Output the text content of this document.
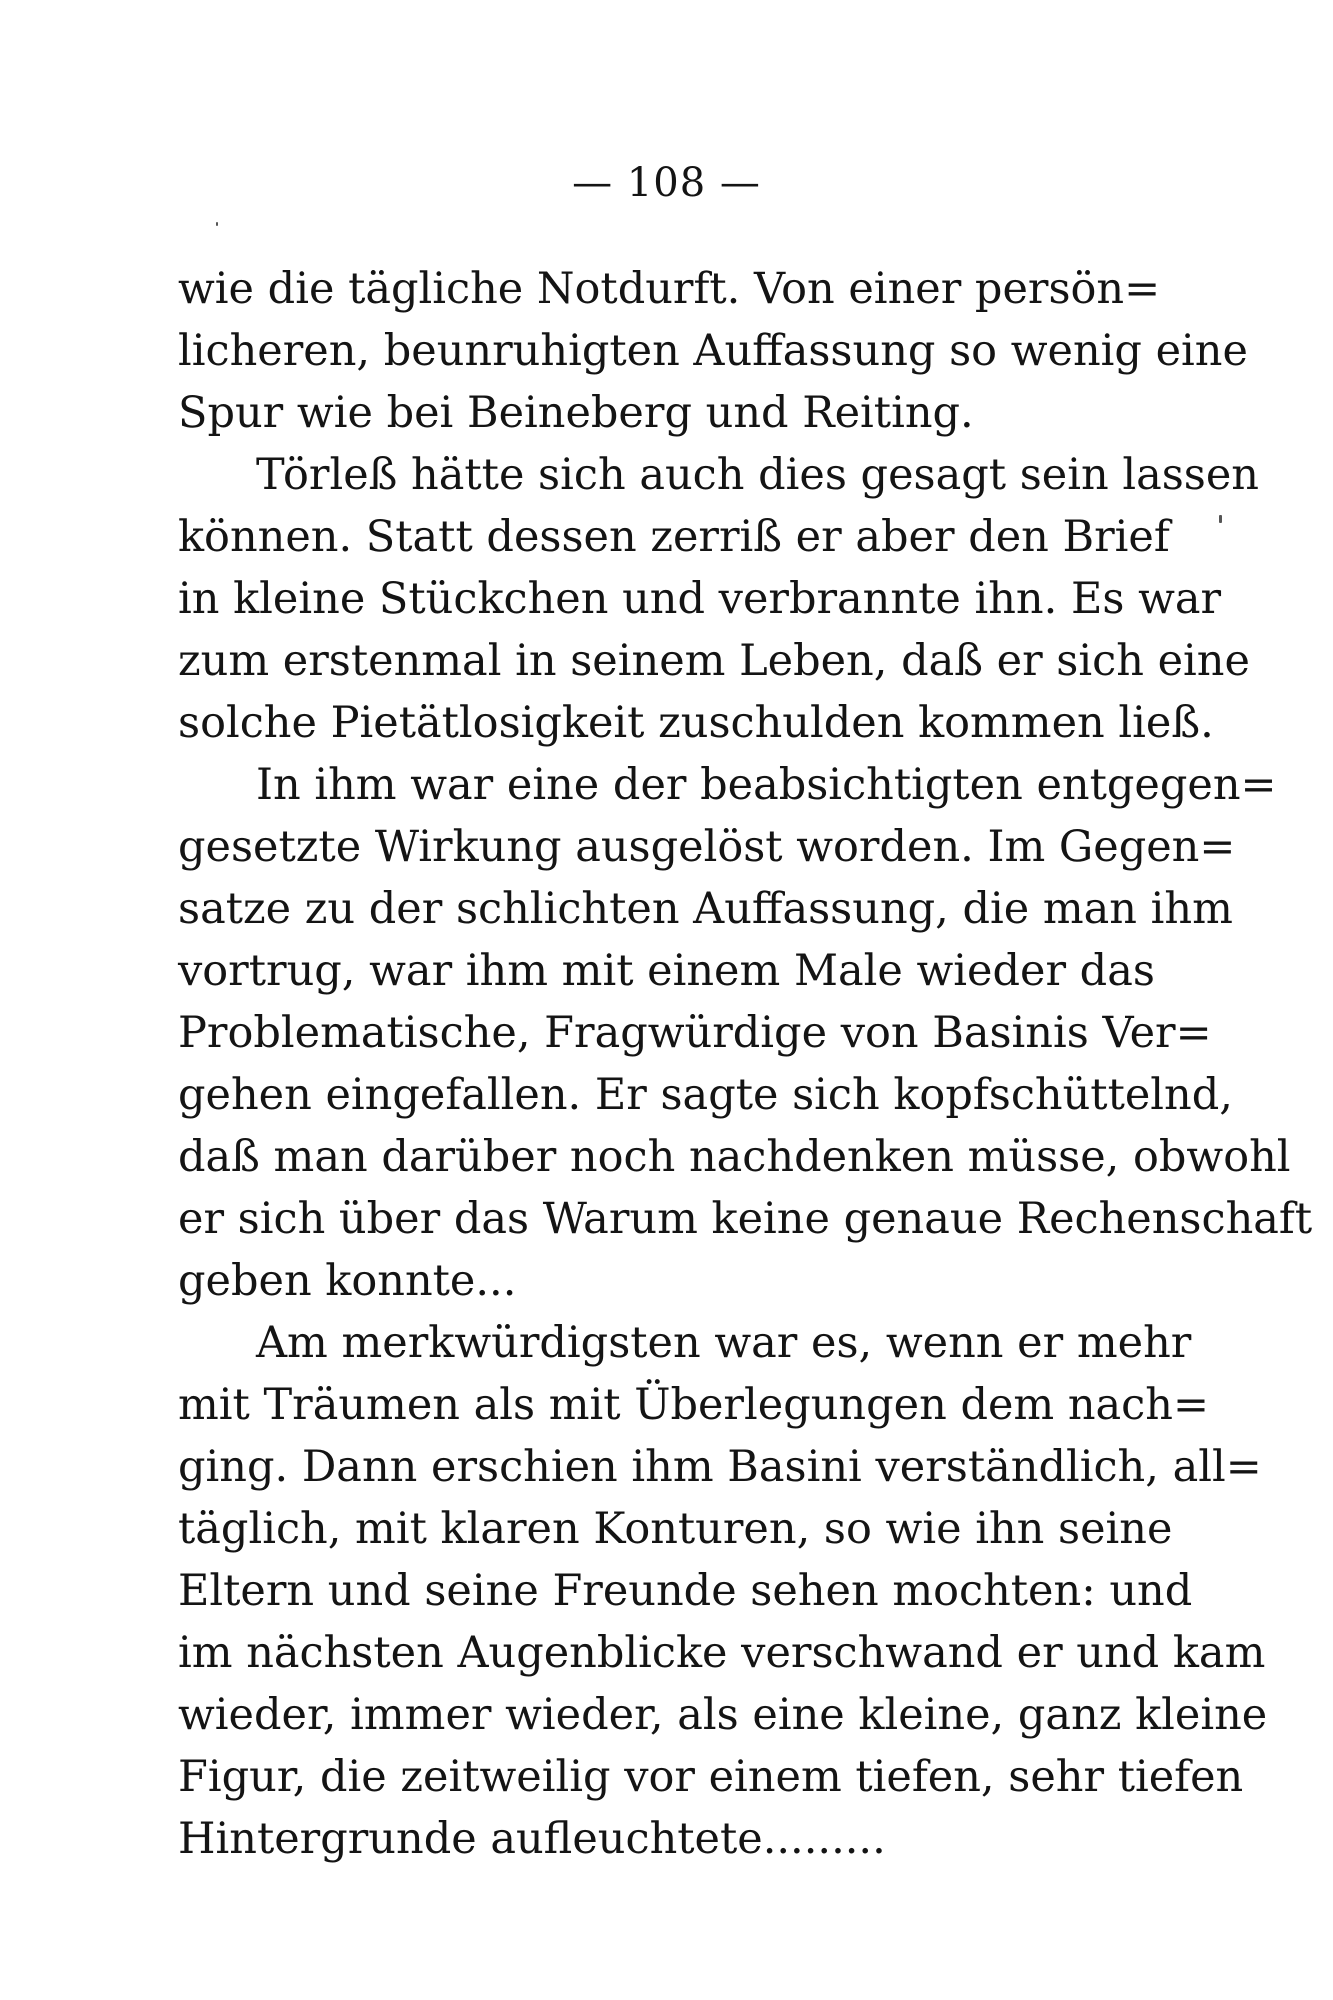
— 108 —
wie die tägliche Notdurft. Von einer persön=
licheren, beunruhigten Auffassung so wenig eine
Spur wie bei Beineberg und Reiting.
Törleß hätte sich auch dies gesagt sein lassen
können. Statt dessen zerriß er aber den Brief
in kleine Stückchen und verbrannte ihn. Es war
zum erstenmal in seinem Leben, daß er sich eine
solche Pietätlosigkeit zuschulden kommen ließ.
In ihm war eine der beabsichtigten entgegen=
gesetzte Wirkung ausgelöst worden. Im Gegen=
satze zu der schlichten Auffassung, die man ihm
vortrug, war ihm mit einem Male wieder das
Problematische, Fragwürdige von Basinis Ver=
gehen eingefallen. Er sagte sich kopfschüttelnd,
daß man darüber noch nachdenken müsse, obwohl
er sich über das Warum keine genaue Rechenschaft
geben konnte...
Am merkwürdigsten war es, wenn er mehr
mit Träumen als mit Überlegungen dem nach=
ging. Dann erschien ihm Basini verständlich, all=
täglich, mit klaren Konturen, so wie ihn seine
Eltern und seine Freunde sehen mochten: und
im nächsten Augenblicke verschwand er und kam
wieder, immer wieder, als eine kleine, ganz kleine
Figur, die zeitweilig vor einem tiefen, sehr tiefen
Hintergrunde aufleuchtete.........
